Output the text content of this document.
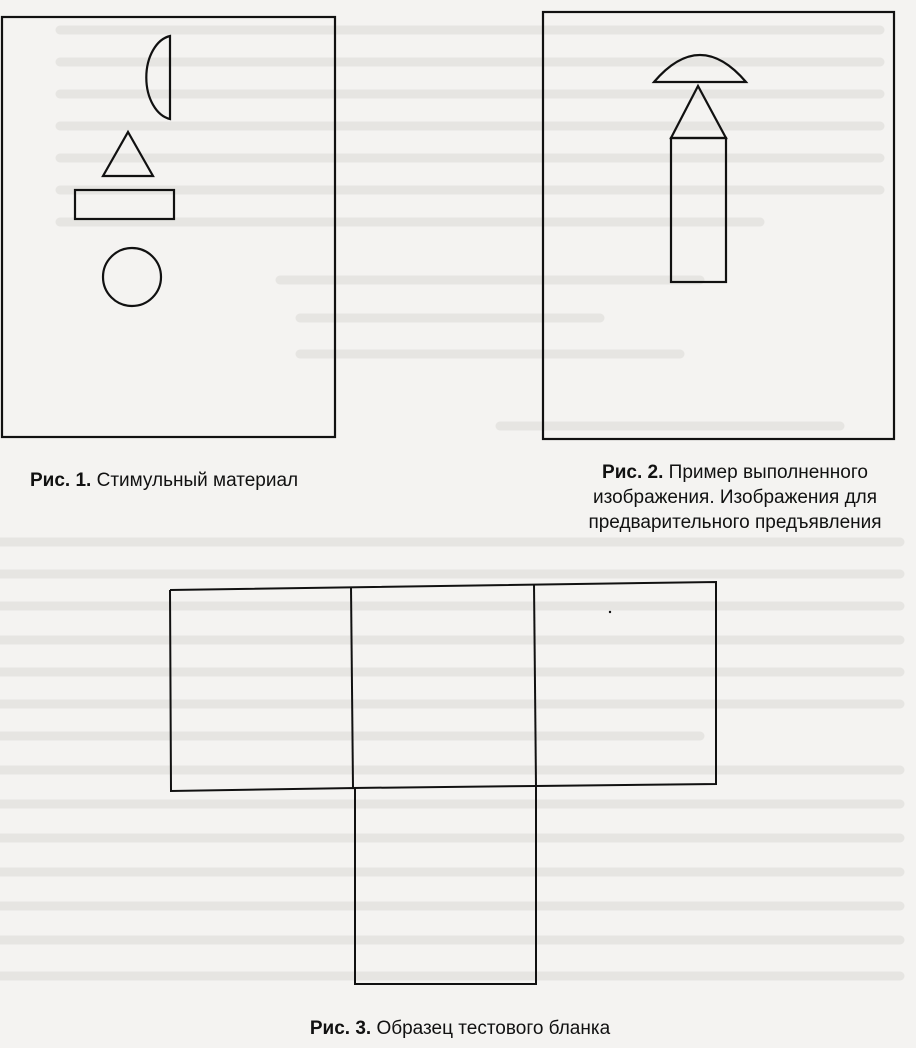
Рис. 1. Стимульный материал	Рис. 2. Пример выполненного
изображения. Изображения для
предварительного предъявления
Рис. 3. Образец тестового бланка
